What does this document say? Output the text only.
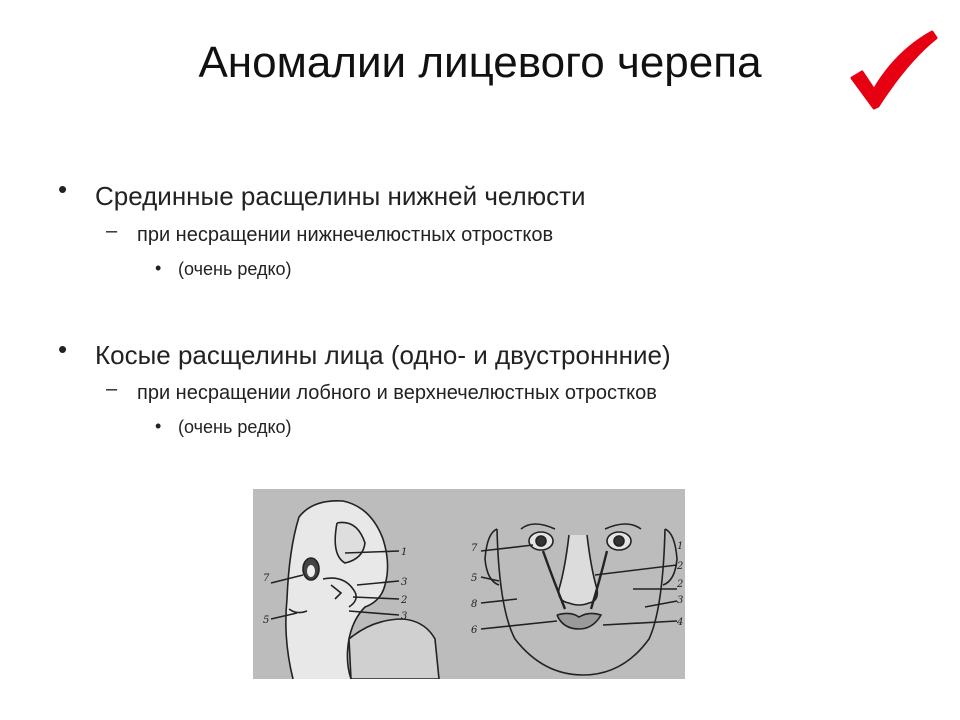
Аномалии лицевого черепа
• Срединные расщелины нижней челюсти
– при несращении нижнечелюстных отростков
• (очень редко)
• Косые расщелины лица (одно- и двустроннние)
– при несращении лобного и верхнечелюстных отростков
• (очень редко)
1
7	3
2
3
5
7	1
5
8
6
2
2
3
4
